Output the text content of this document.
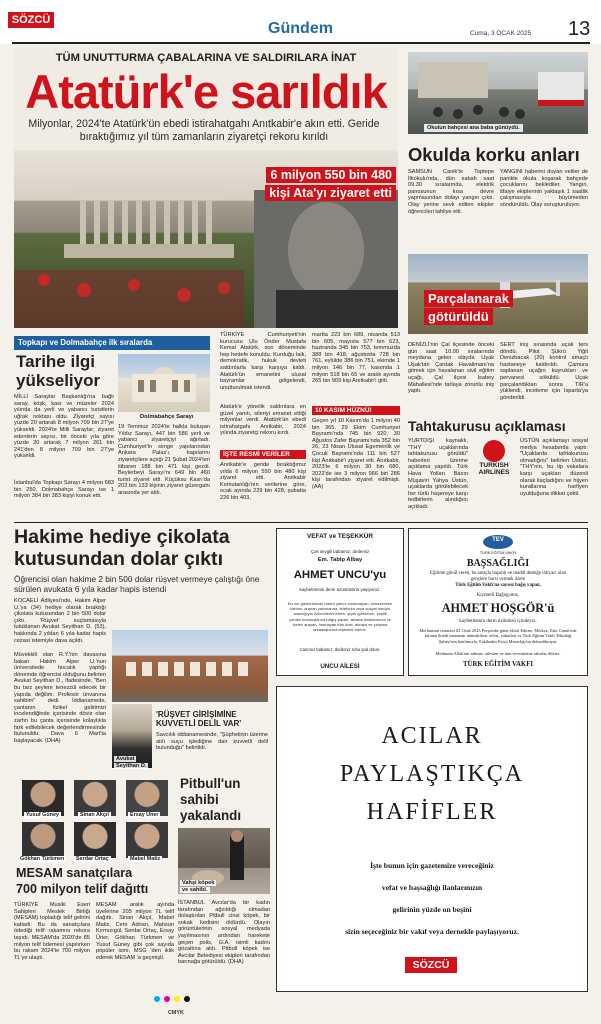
SÖZCÜ	Gündem	Cuma, 3 OCAK 2025 13
TÜM UNUTTURMA ÇABALARINA VE SALDIRILARA İNAT
Atatürk'e sarıldık
Milyonlar, 2024'te Atatürk'ün ebedi istirahatgahı Anıtkabir'e akın etti. Geride bıraktığımız yıl tüm zamanların ziyaretçi rekoru kırıldı
6 milyon 550 bin 480
kişi Ata'yı ziyaret etti
Topkapı ve Dolmabahçe ilk sıralarda
Tarihe ilgi
yükseliyor
Dolmabahçe Sarayı
MİLLİ Saraylar Başkanlığı'na bağlı saray, köşk, kasr ve müzeler 2024 yılında da yerli ve yabancı turistlerin uğrak noktası oldu. Ziyaretçi sayısı yüzde 20 artarak 8 milyon 709 bin 27'ye yükseldi. 2024'te Milli Saraylar; ziyaret edenlerin sayısı, bir önceki yıla göre yüzde 20 artarak 7 milyon 261 bin 241'den 8 milyon 709 bin 27'ye yükseldi.
İstanbul'da Topkapı Sarayı 4 milyon 683 bin 250, Dolmabahçe Sarayı ise 1 milyon 384 bin 383 kişiyi konuk etti.
19 Temmuz 2024'te halkla buluşan Yıldız Sarayı, 447 bin 586 yerli ve yabancı ziyaretçiyi ağırladı. Cumhuriyet'in simge yapılarından Ankara Palas'ı, kapılarını ziyaretçilere açtığı 21 Şubat 2024'ten itibaren 188 bin 471 kişi gezdi. Beylerbeyi Sarayı'nı 649 bin 460 turist ziyaret etti. Küçüksu Kasrı'da 203 bin 133 kişinin ziyaret güzergahı arasında yer aldı.
TÜRKİYE Cumhuriyeti'nin kurucusu Ulu Önder Mustafa Kemal Atatürk, son döneminde hep hedefe konuldu. Kurduğu laik, demokratik, hukuk devleti saldırılarla karşı karşıya kaldı. Atatürk'ün emanetini ulusal bayramlar gölgelendi, unutturulmak istendi.
Atatürk'e yönelik saldırılara en güzel yanıtı, sileriyi emanet ettiği milyonlar verdi. Atatürk'ün ebedi istirahatgahı Anıtkabir, 2024 yılında ziyaretçi rekoru kırdı.
İŞTE RESMİ VERİLER
Anıtkabir'e geride bıraktığımız yılda 6 milyon 550 bin 480 kişi ziyaret etti. Anıtkabir Komutanlığı'nın verilerine göre, ocak ayında 229 bin 428, şubatta 226 bin 403,
martta 223 bin 689, nisanda 513 bin 605, mayısta 577 bin 623, haziranda 345 bin 753, temmuzda 388 bin 418, ağustosta 728 bin 761, eylülde 386 bin 751, ekimde 1 milyon 146 bin 77, kasımda 1 milyon 518 bin 65 ve aralık ayında 265 bin 909 kişi Anıtkabir'i gitti.
10 KASIM HÜZNÜ!
Geçen yıl 10 Kasım'da 1 milyon 40 bin 365, 29 Ekim Cumhuriyet Bayramı'nda 745 bin 920, 30 Ağustos Zafer Bayramı'nda 352 bin 26, 23 Nisan Ulusal Egemenlik ve Çocuk Bayramı'nda 111 bin 527 kişi Anıtkabir'i ziyaret etti. Anıtkabir, 2023'te 6 milyon 30 bin 680, 2022'de ise 3 milyon 966 bin 286 kişi tarafından ziyaret edilmişti. (AA)
Okulun bahçesi ana baba günüydü.
Okulda korku anları
SAMSUN Canik'te Toptepe İlkokulu'nda, dün sabah saat 09.30 sıralarında, elektrik panosunun kısa devre yapmasından dolayı yangın çıktı. Olay yerine sevk edilen ekipler öğrencileri tahliye etti.
YANGINI haberini duyan veliler de panikle okula koşarak bahçede çocuklarını beklediler. Yangın, itfaiye ekiplerinin yaklaşık 1 saatlik çalışmasıyla büyümeden söndürüldü. Olay soruşturuluyor.
Parçalanarak
götürüldü
DENİZLİ'nin Çal ilçesinde önceki gün saat 10.00 sıralarında meydana gelen olayda Uşak Uşak'tan Çardak Havalimanı'na gitmek için havalanan sivil eğitim uçağı, Çal ilçesi Isabey Mahallesi'nde tarlaya zorunlu iniş yaptı.
SERT iniş sırasında uçak ters döndü. Pilot Şükrü Yiğit Denizbacak (20) kontrol amaçlı hastaneye kaldırıldı. Çamura saplanan uçağın kuyrukları ve pervanesi söküldü. Uçak parçalandıktan sonra TIR'a yüklendi, inceleme için Isparta'ya gönderildi.
Tahtakurusu açıklaması
YURTDIŞI kaynaklı, "THY uçaklarında tahtakurusu görüldü" haberleri üzerine açıklama yapıldı. Türk Hava Yolları Basın Müşaviri Yahya Üstün, uçaklarda görülebilecek her türlü haşereye karşı tedbirlerin alındığını açıkladı.
TURKISH
AIRLINES
ÜSTÜN açıklamayı sosyal medya hesabında yaptı: "Uçaklarda tahtakurusu olmadığını" belirten Üstün, "THY'nin, bu tip vakalara karşı uçakları düzenli olarak ilaçladığını ve hijyen kurallarına harfiyen uyulduğuna dikkat çekti.
Hakime hediye çikolata
kutusundan dolar çıktı
Öğrencisi olan hakime 2 bin 500 dolar rüşvet vermeye çalıştığı öne sürülen avukata 6 yıla kadar hapis istendi
KOCAELİ Adliyesi'nde, Hakim Alper U.'ya (34) hediye olarak bıraktığı çikolata kutusundan 2 bin 500 dolar çıktı. 'Rüşvet' suçlamasıyla tutuklanan Avukat Seyithan D. (53), hakkında 2 yıldan 6 yıla kadar hapis cezası istemiyle dava açıldı.
Müvekkili olan R.Y.'nin davasına bakan Hakim Alper U.'nun üniversitede hocalık yaptığı dönemde öğrencisi olduğunu belirten Avukat Seyithan D., ifadesinde, "Ben bu tarz şeylere tenezzül edecek bir yapıda değilim. Profesör ünvanına sahibim" dedi. İddianamede, çantanın fizikel gelirimizi incelendiğinde içerisinde döviz olan zarfın bu çanta içerisinde kolaylıkla fark edilebilecek değerlendirmesinde bulunuldu. Dava 6 Mart'ta başlayacak. (DHA)
Avukat
Seyithan D.
'RÜŞVET GİRİŞİMİNE KUVVETLİ DELİL VAR'
Savcılık iddianamesinde, "Şüphelinin üzerine atılı suçu işlediğine dair kuvvetli delil bulunduğu" belirtildi.
Yusuf Güney	Sinan Akçıl	Ersay Üner
Gökhan Türkmen	Serdar Ortaç	Mabel Matiz
MESAM sanatçılara
700 milyon telif dağıttı
TÜRKİYE Musiki Eseri Sahipleri Meslek Birliği (MESAM) topladığı telif gelirini katladı. Bu da sanatçılara ödediği telif rakamını rekora taşıdı. MESAM'da 2020'de 85 milyon telif ödemesi yapılırken bu rakam 2024'te 700 milyon TL'ye ulaştı.
MESAM aralık ayında üyelerine 205 milyon TL telif dağıttı. Sinan Akçıl, Mabel Matiz, Cem Adrian, Mahsun Kırmızıgül, Serdar Ortaç, Ersay Üner, Gökhan Türkmen ve Yusuf Güney gibi çok sayıda popüler ismi, MSG 'den iklik ederek MESAM 'a geçmişti.
Pitbull'un
sahibi
yakalandı
Vahşi köpek
ve sahibi.
İSTANBUL Avcılar'da bir kadın tarafından ağzıldığı olmadan dolaştırılan Pitbull cinsi köpek, bir sokak kedisini öldürdü. Olayın görüntülerinin sosyal medyada yayılmasının ardından harekete geçen polis, G.A. isimli kadını gözaltına aldı. Pitbull köpek ise Avcılar Belediyesi ekipleri tarafından barınağa götürüldü. (DHA)
VEFAT ve TEŞEKKÜR
Çok sevgili babamız, dedemiz
Em. Tabip Albay
AHMET UNCU'yu
kaybetmenin derin üzüntüsünü yaşıyoruz.
Bu zor günlerimizde bizleri yalnız bırakmayan, cenazemize katılan, aranan yakınlarına, telefonla veya sosyal medya aracılığıyla üzüntülerini ileten, çiçek gönderen, çeşitli yerden kuruluşlarına bağış yapan, akraba dostlarımıza ve bizleri arayan, hatırlayan tüm dost, akraba ve çalışma arkadaşlarına teşekkür ederiz.
Canımız babamız, dedemiz ruhu şad olsun.
UNCU AİLESİ
TEV
TÜRK EĞİTİM VAKFI
BAŞSAĞLIĞI
Eğitime gönül veren, bu amaçla başarılı ve maddi desteğe ihtiyacı olan gençlere bursi vermek üzere
Türk Eğitim Vakfı'na sayısız bağış yapan,
Kıymetli Bağışçımız,
AHMET HOŞGÖR'ü
kaybetmenin derin üzüntüsü içindeyiz.
Merhumun cenazesi 02 Ocak 2025 Perşembe günü (dün) Edirne, Merkez, Eski Camii'nde kılınan ikindi namazını müteakiben, ailesi, yakınları ve Türk Eğitim Vakfı Tekirdağ Şubesi'nin katılımıyla, Eskikadın Köyü Mezarlığı'na defnedilmiştir.
Merhuma Allah'tan rahmet, ailesine ve tüm sevenlerine sabırlar dileriz.
TÜRK EĞİTİM VAKFI
ACILAR
PAYLAŞTIKÇA
HAFİFLER
İşte bunun için gazetemize vereceğiniz
vefat ve başsağlığı ilanlarınızın
gelirinin yüzde on beşini
sizin seçeceğiniz bir vakıf veya dernekle paylaşıyoruz.
SÖZCÜ
CMYK
